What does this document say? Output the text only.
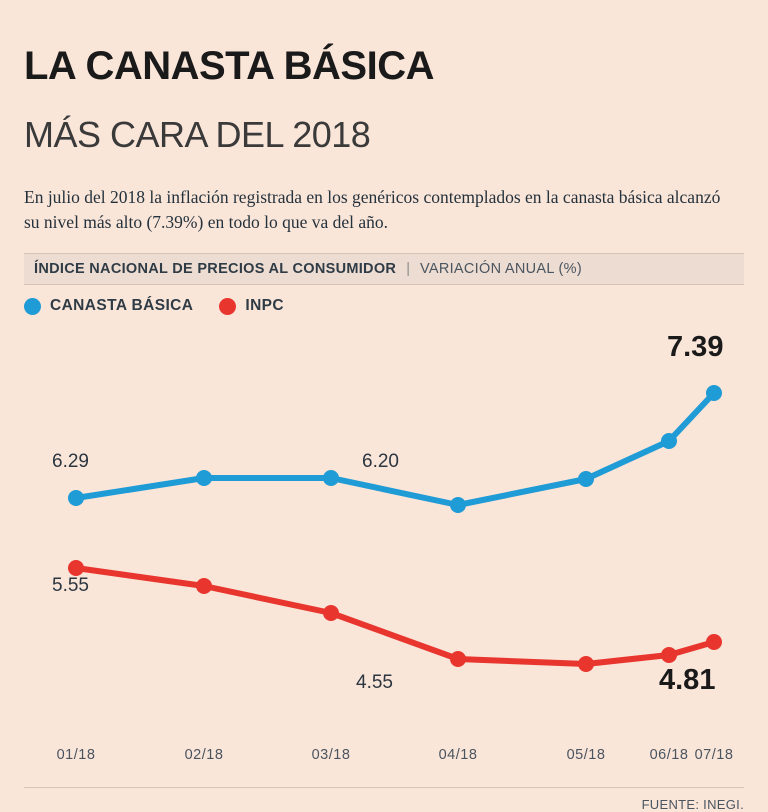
LA CANASTA BÁSICA
MÁS CARA DEL 2018

En julio del 2018 la inflación registrada en los genéricos contemplados en la canasta básica alcanzó su nivel más alto (7.39%) en todo lo que va del año.

ÍNDICE NACIONAL DE PRECIOS AL CONSUMIDOR | VARIACIÓN ANUAL (%)
CANASTA BÁSICA	INPC
6.29	6.20
7.39
5.55
4.55	4.81
01/18	02/18	03/18	04/18	05/18	06/18 07/18
FUENTE: INEGI.
